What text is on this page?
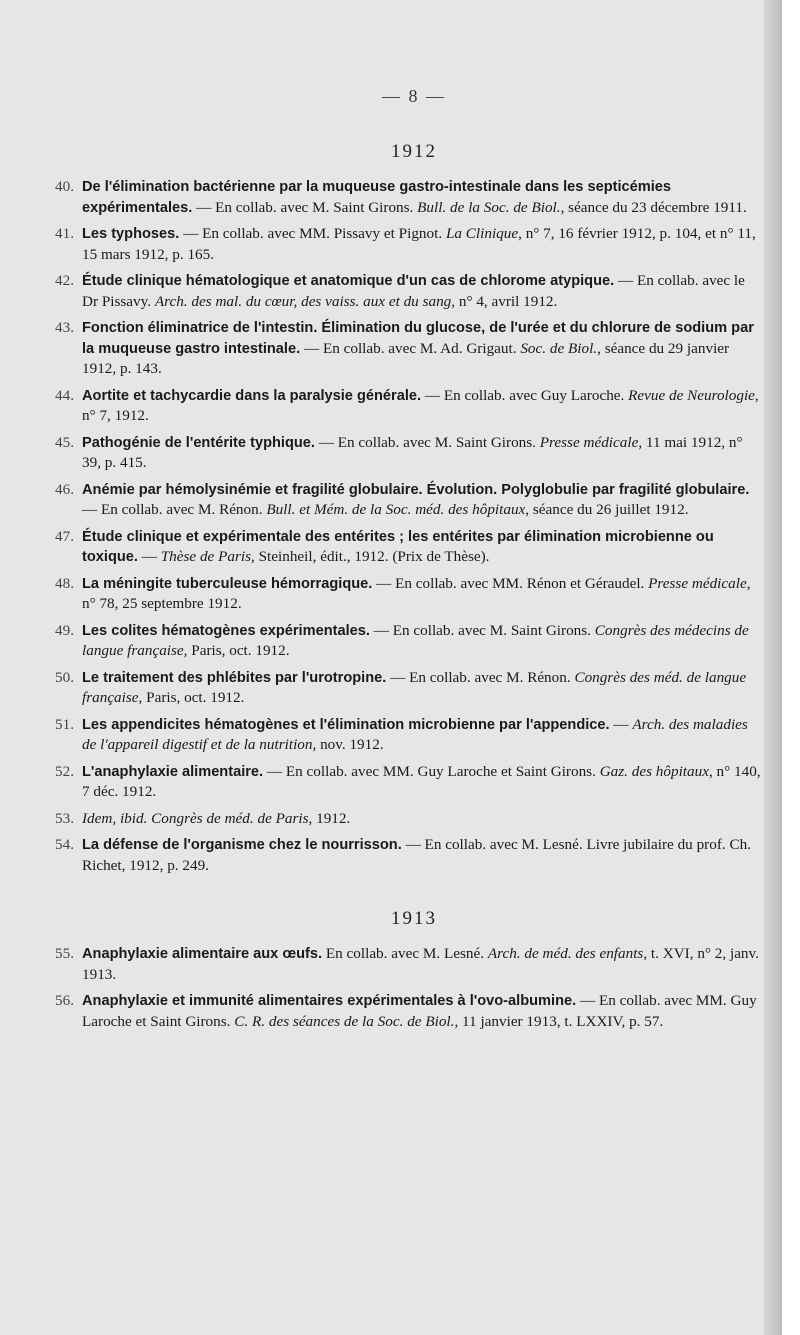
— 8 —
1912

40. De l'élimination bactérienne par la muqueuse gastro-intestinale dans les septicémies expérimentales. — En collab. avec M. Saint Girons. Bull. de la Soc. de Biol., séance du 23 décembre 1911.

41. Les typhoses. — En collab. avec MM. Pissavy et Pignot. La Clinique, n° 7, 16 février 1912, p. 104, et n° 11, 15 mars 1912, p. 165.

42. Étude clinique hématologique et anatomique d'un cas de chlorome atypique. — En collab. avec le Dr Pissavy. Arch. des mal. du cœur, des vaiss. aux et du sang, n° 4, avril 1912.

43. Fonction éliminatrice de l'intestin. Élimination du glucose, de l'urée et du chlorure de sodium par la muqueuse gastro intestinale. — En collab. avec M. Ad. Grigaut. Soc. de Biol., séance du 29 janvier 1912, p. 143.

44. Aortite et tachycardie dans la paralysie générale. — En collab. avec Guy Laroche. Revue de Neurologie, n° 7, 1912.

45. Pathogénie de l'entérite typhique. — En collab. avec M. Saint Girons. Presse médicale, 11 mai 1912, n° 39, p. 415.

46. Anémie par hémolysinémie et fragilité globulaire. Évolution. Polyglobulie par fragilité globulaire. — En collab. avec M. Rénon. Bull. et Mém. de la Soc. méd. des hôpitaux, séance du 26 juillet 1912.

47. Étude clinique et expérimentale des entérites ; les entérites par élimination microbienne ou toxique. — Thèse de Paris, Steinheil, édit., 1912. (Prix de Thèse).

48. La méningite tuberculeuse hémorragique. — En collab. avec MM. Rénon et Géraudel. Presse médicale, n° 78, 25 septembre 1912.

49. Les colites hématogènes expérimentales. — En collab. avec M. Saint Girons. Congrès des médecins de langue française, Paris, oct. 1912.

50. Le traitement des phlébites par l'urotropine. — En collab. avec M. Rénon. Congrès des méd. de langue française, Paris, oct. 1912.

51. Les appendicites hématogènes et l'élimination microbienne par l'appendice. — Arch. des maladies de l'appareil digestif et de la nutrition, nov. 1912.

52. L'anaphylaxie alimentaire. — En collab. avec MM. Guy Laroche et Saint Girons. Gaz. des hôpitaux, n° 140, 7 déc. 1912.

53. Idem, ibid. Congrès de méd. de Paris, 1912.

54. La défense de l'organisme chez le nourrisson. — En collab. avec M. Lesné. Livre jubilaire du prof. Ch. Richet, 1912, p. 249.

1913

55. Anaphylaxie alimentaire aux œufs. En collab. avec M. Lesné. Arch. de méd. des enfants, t. XVI, n° 2, janv. 1913.

56. Anaphylaxie et immunité alimentaires expérimentales à l'ovo-albumine. — En collab. avec MM. Guy Laroche et Saint Girons. C. R. des séances de la Soc. de Biol., 11 janvier 1913, t. LXXIV, p. 57.
